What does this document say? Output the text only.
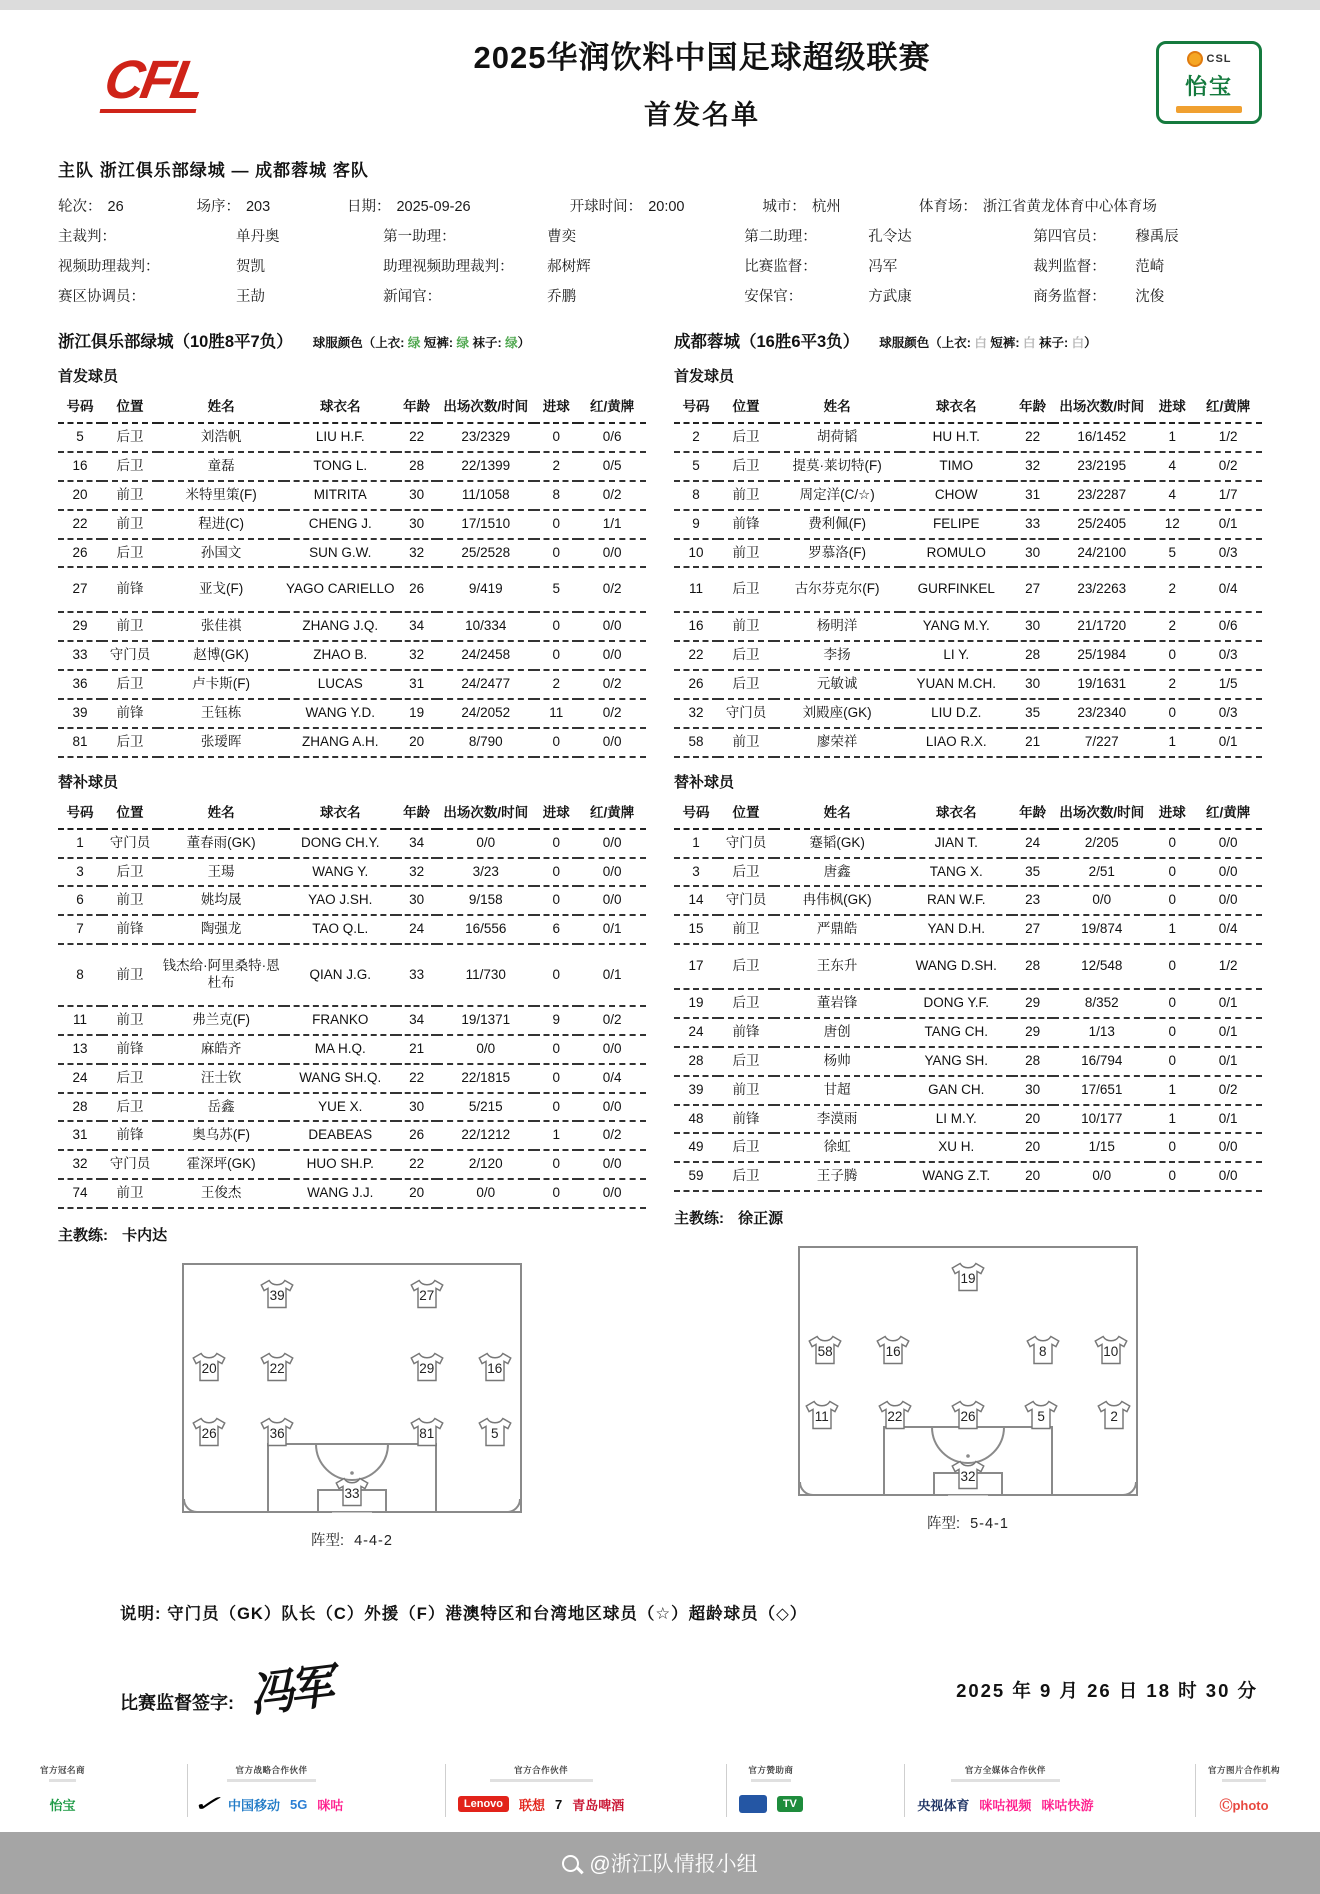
CFL	2025华润饮料中国足球超级联赛
首发名单
CSL
怡宝
主队 浙江俱乐部绿城 — 成都蓉城 客队
轮次： 26	场序： 203	日期： 2025-09-26	开球时间： 20:00	城市： 杭州	体育场： 浙江省黄龙体育中心体育场
主裁判：	单丹奥	第一助理：	曹奕	第二助理：	孔令达	第四官员：	穆禹辰
视频助理裁判：	贺凯	助理视频助理裁判：	郝树辉	比赛监督：	冯军	裁判监督：	范崎
赛区协调员：	王劼	新闻官：	乔鹏	安保官：	方武康	商务监督：	沈俊
浙江俱乐部绿城（10胜8平7负） 球服颜色（上衣: 绿 短裤: 绿 袜子: 绿）
首发球员
号码	位置	姓名	球衣名	年龄	出场次数/时间	进球	红/黄牌
5	后卫	刘浩帆	LIU H.F.	22	23/2329	0	0/6
16	后卫	童磊	TONG L.	28	22/1399	2	0/5
20	前卫	米特里策(F)	MITRITA	30	11/1058	8	0/2
22	前卫	程进(C)	CHENG J.	30	17/1510	0	1/1
26	后卫	孙国文	SUN G.W.	32	25/2528	0	0/0
27	前锋	亚戈(F)	YAGO CARIELLO	26	9/419	5	0/2
29	前卫	张佳祺	ZHANG J.Q.	34	10/334	0	0/0
33	守门员	赵博(GK)	ZHAO B.	32	24/2458	0	0/0
36	后卫	卢卡斯(F)	LUCAS	31	24/2477	2	0/2
39	前锋	王钰栋	WANG Y.D.	19	24/2052	11	0/2
81	后卫	张瑷晖	ZHANG A.H.	20	8/790	0	0/0
替补球员
号码	位置	姓名	球衣名	年龄	出场次数/时间	进球	红/黄牌
1	守门员	董春雨(GK)	DONG CH.Y.	34	0/0	0	0/0
3	后卫	王瑒	WANG Y.	32	3/23	0	0/0
6	前卫	姚均晟	YAO J.SH.	30	9/158	0	0/0
7	前锋	陶强龙	TAO Q.L.	24	16/556	6	0/1
8	前卫	钱杰给·阿里桑特·恩杜布	QIAN J.G.	33	11/730	0	0/1
11	前卫	弗兰克(F)	FRANKO	34	19/1371	9	0/2
13	前锋	麻皓齐	MA H.Q.	21	0/0	0	0/0
24	后卫	汪士钦	WANG SH.Q.	22	22/1815	0	0/4
28	后卫	岳鑫	YUE X.	30	5/215	0	0/0
31	前锋	奥乌苏(F)	DEABEAS	26	22/1212	1	0/2
32	守门员	霍深坪(GK)	HUO SH.P.	22	2/120	0	0/0
74	前卫	王俊杰	WANG J.J.	20	0/0	0	0/0
主教练: 卡内达
39	27
20	22	29	16
26	36	81	5
33
阵型: 4-4-2
成都蓉城（16胜6平3负） 球服颜色（上衣: 白 短裤: 白 袜子: 白）
首发球员
号码	位置	姓名	球衣名	年龄	出场次数/时间	进球	红/黄牌
2	后卫	胡荷韬	HU H.T.	22	16/1452	1	1/2
5	后卫	提莫·莱切特(F)	TIMO	32	23/2195	4	0/2
8	前卫	周定洋(C/☆)	CHOW	31	23/2287	4	1/7
9	前锋	费利佩(F)	FELIPE	33	25/2405	12	0/1
10	前卫	罗慕洛(F)	ROMULO	30	24/2100	5	0/3
11	后卫	古尔芬克尔(F)	GURFINKEL	27	23/2263	2	0/4
16	前卫	杨明洋	YANG M.Y.	30	21/1720	2	0/6
22	后卫	李扬	LI Y.	28	25/1984	0	0/3
26	后卫	元敏诚	YUAN M.CH.	30	19/1631	2	1/5
32	守门员	刘殿座(GK)	LIU D.Z.	35	23/2340	0	0/3
58	前卫	廖荣祥	LIAO R.X.	21	7/227	1	0/1
替补球员
号码	位置	姓名	球衣名	年龄	出场次数/时间	进球	红/黄牌
1	守门员	蹇韬(GK)	JIAN T.	24	2/205	0	0/0
3	后卫	唐鑫	TANG X.	35	2/51	0	0/0
14	守门员	冉伟枫(GK)	RAN W.F.	23	0/0	0	0/0
15	前卫	严鼎皓	YAN D.H.	27	19/874	1	0/4
17	后卫	王东升	WANG D.SH.	28	12/548	0	1/2
19	后卫	董岩锋	DONG Y.F.	29	8/352	0	0/1
24	前锋	唐创	TANG CH.	29	1/13	0	0/1
28	后卫	杨帅	YANG SH.	28	16/794	0	0/1
39	前卫	甘超	GAN CH.	30	17/651	1	0/2
48	前锋	李漠雨	LI M.Y.	20	10/177	1	0/1
49	后卫	徐虹	XU H.	20	1/15	0	0/0
59	后卫	王子腾	WANG Z.T.	20	0/0	0	0/0
主教练: 徐正源
19
58	16	8	10
11	22	26	5	2
32
阵型: 5-4-1
说明: 守门员（GK）队长（C）外援（F）港澳特区和台湾地区球员（☆）超龄球员（◇）
比赛监督签字: 冯军	2025 年 9 月 26 日 18 时 30 分
官方冠名商
怡宝
官方战略合作伙伴
✓ 中国移动 5G 咪咕
官方合作伙伴
Lenovo	联想 7 青岛啤酒
官方赞助商
TV
官方全媒体合作伙伴
央视体育 咪咕视频 咪咕快游
官方图片合作机构
Ⓒphoto
@浙江队情报小组
